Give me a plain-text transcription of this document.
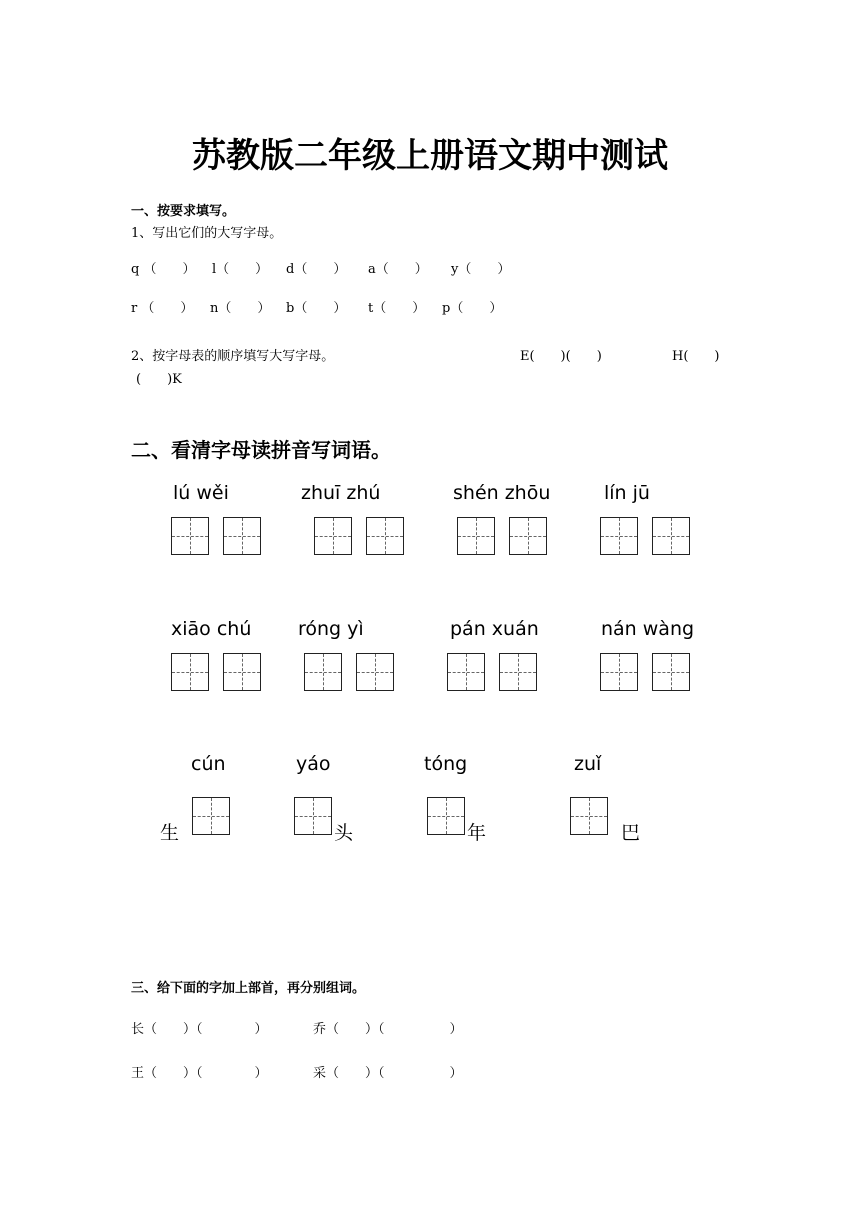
苏教版二年级上册语文期中测试
一、按要求填写。
1、写出它们的大写字母。
q （　　） l（　　） d（　　） a（　　） y（　　）
r （　　） n（　　） b（　　） t（　　） p（　　）
2、按字母表的顺序填写大写字母。	E(　　)(　　)	H(　　)
(　　)K
二、看清字母读拼音写词语。
lú wěi	zhuī zhú	shén zhōu	lín jū
xiāo chú róng yì	pán xuán	nán wàng
cún	yáo	tóng	zuǐ
生	头	年	巴
三、给下面的字加上部首，再分别组词。
长（　　）（　　　　）	乔（　　）（　　　　　）
王（　　）（　　　　）	采（　　）（　　　　　）
